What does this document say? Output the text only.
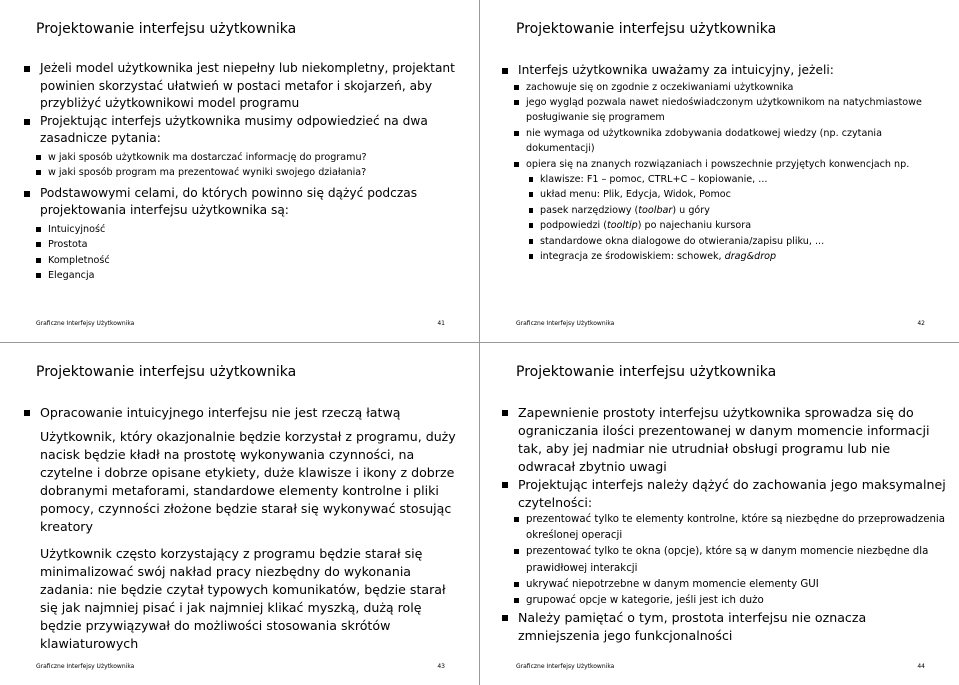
Projektowanie interfejsu użytkownika
Jeżeli model użytkownika jest niepełny lub niekompletny, projektant powinien skorzystać ułatwień w postaci metafor i skojarzeń, aby przybliżyć użytkownikowi model programu
Projektując interfejs użytkownika musimy odpowiedzieć na dwa zasadnicze pytania:
w jaki sposób użytkownik ma dostarczać informację do programu?
w jaki sposób program ma prezentować wyniki swojego działania?
Podstawowymi celami, do których powinno się dążyć podczas projektowania interfejsu użytkownika są:
Intuicyjność
Prostota
Kompletność
Elegancja
Graficzne Interfejsy Użytkownika	41
Projektowanie interfejsu użytkownika
Interfejs użytkownika uważamy za intuicyjny, jeżeli:
zachowuje się on zgodnie z oczekiwaniami użytkownika
jego wygląd pozwala nawet niedoświadczonym użytkownikom na natychmiastowe posługiwanie się programem
nie wymaga od użytkownika zdobywania dodatkowej wiedzy (np. czytania dokumentacji)
opiera się na znanych rozwiązaniach i powszechnie przyjętych konwencjach np.
klawisze: F1 – pomoc, CTRL+C – kopiowanie, ...
układ menu: Plik, Edycja, Widok, Pomoc
pasek narzędziowy (toolbar) u góry
podpowiedzi (tooltip) po najechaniu kursora
standardowe okna dialogowe do otwierania/zapisu pliku, ...
integracja ze środowiskiem: schowek, drag&drop
Graficzne Interfejsy Użytkownika	42
Projektowanie interfejsu użytkownika
Opracowanie intuicyjnego interfejsu nie jest rzeczą łatwą
Użytkownik, który okazjonalnie będzie korzystał z programu, duży nacisk będzie kładł na prostotę wykonywania czynności, na czytelne i dobrze opisane etykiety, duże klawisze i ikony z dobrze dobranymi metaforami, standardowe elementy kontrolne i pliki pomocy, czynności złożone będzie starał się wykonywać stosując kreatory
Użytkownik często korzystający z programu będzie starał się minimalizować swój nakład pracy niezbędny do wykonania zadania: nie będzie czytał typowych komunikatów, będzie starał się jak najmniej pisać i jak najmniej klikać myszką, dużą rolę będzie przywiązywał do możliwości stosowania skrótów klawiaturowych
Graficzne Interfejsy Użytkownika	43
Projektowanie interfejsu użytkownika
Zapewnienie prostoty interfejsu użytkownika sprowadza się do ograniczania ilości prezentowanej w danym momencie informacji tak, aby jej nadmiar nie utrudniał obsługi programu lub nie odwracał zbytnio uwagi
Projektując interfejs należy dążyć do zachowania jego maksymalnej czytelności:
prezentować tylko te elementy kontrolne, które są niezbędne do przeprowadzenia określonej operacji
prezentować tylko te okna (opcje), które są w danym momencie niezbędne dla prawidłowej interakcji
ukrywać niepotrzebne w danym momencie elementy GUI
grupować opcje w kategorie, jeśli jest ich dużo
Należy pamiętać o tym, prostota interfejsu nie oznacza zmniejszenia jego funkcjonalności
Graficzne Interfejsy Użytkownika	44
